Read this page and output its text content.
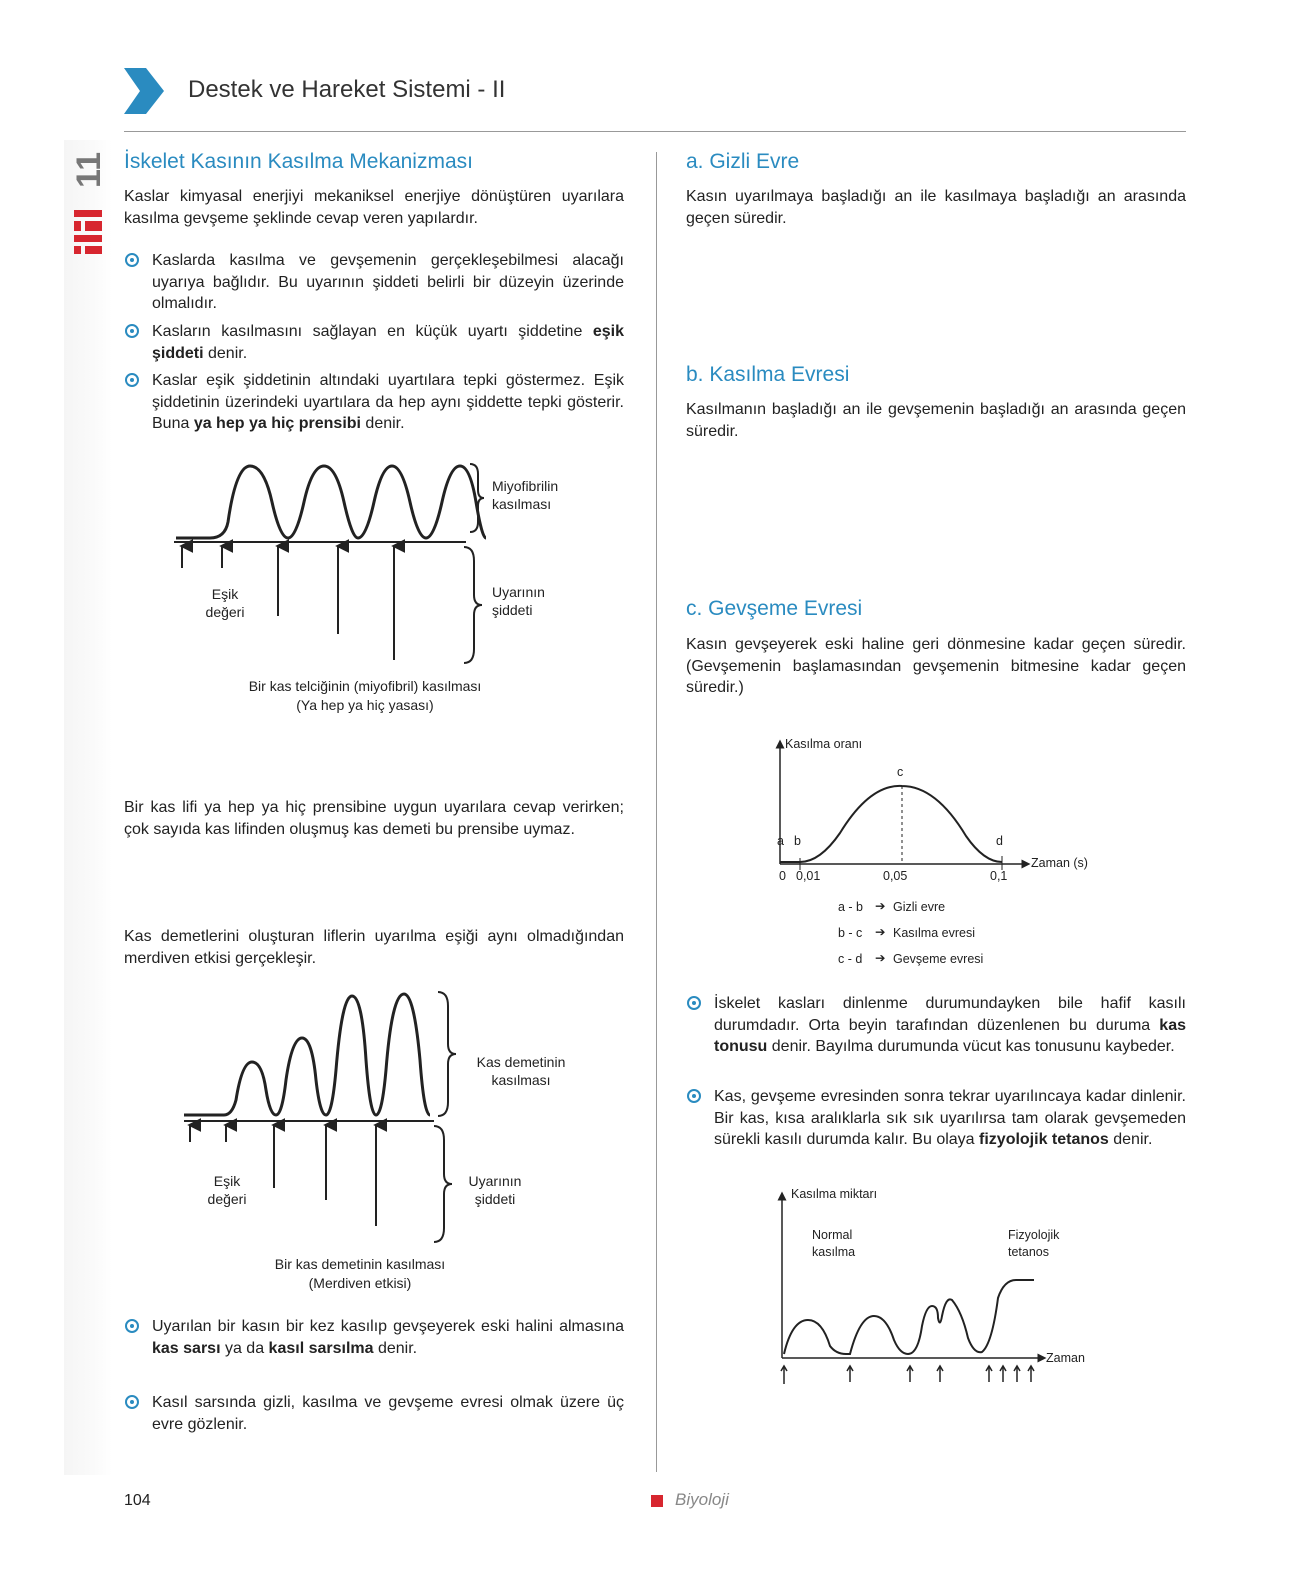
Destek ve Hareket Sistemi - II
11 İskelet Kasının Kasılma Mekanizması

Kaslar kimyasal enerjiyi mekaniksel enerjiye dönüştüren uyarılara kasılma gevşeme şeklinde cevap veren yapılardır.

Kaslarda kasılma ve gevşemenin gerçekleşebilmesi alacağı uyarıya bağlıdır. Bu uyarının şiddeti belirli bir düzeyin üzerinde olmalıdır.
Kasların kasılmasını sağlayan en küçük uyartı şiddetine eşik şiddeti denir.
Kaslar eşik şiddetinin altındaki uyartılara tepki göstermez. Eşik şiddetinin üzerindeki uyartılara da hep aynı şiddette tepki gösterir. Buna ya hep ya hiç prensibi denir.
Miyofibrilin kasılması
Uyarının şiddeti
Eşik değeri
Bir kas telciğinin (miyofibril) kasılması
(Ya hep ya hiç yasası)

Bir kas lifi ya hep ya hiç prensibine uygun uyarılara cevap verirken; çok sayıda kas lifinden oluşmuş kas demeti bu prensibe uymaz.

Kas demetlerini oluşturan liflerin uyarılma eşiği aynı olmadığından merdiven etkisi gerçekleşir.

Kas demetinin kasılması
Uyarının şiddeti
Eşik değeri
Bir kas demetinin kasılması
(Merdiven etkisi)
Uyarılan bir kasın bir kez kasılıp gevşeyerek eski halini almasına kas sarsı ya da kasıl sarsılma denir.
Kasıl sarsında gizli, kasılma ve gevşeme evresi olmak üzere üç evre gözlenir.
a. Gizli Evre

Kasın uyarılmaya başladığı an ile kasılmaya başladığı an arasında geçen süredir.

b. Kasılma Evresi

Kasılmanın başladığı an ile gevşemenin başladığı an arasında geçen süredir.

c. Gevşeme Evresi

Kasın gevşeyerek eski haline geri dönmesine kadar geçen süredir. (Gevşemenin başlamasından gevşemenin bitmesine kadar geçen süredir.)

Kasılma oranı
Zaman (s)
a b
c
d
0 0,01	0,05	0,1
a - b ➔ Gizli evre
b - c ➔ Kasılma evresi
c - d ➔ Gevşeme evresi
İskelet kasları dinlenme durumundayken bile hafif kasılı durumdadır. Orta beyin tarafından düzenlenen bu duruma kas tonusu denir. Bayılma durumunda vücut kas tonusunu kaybeder.
Kas, gevşeme evresinden sonra tekrar uyarılıncaya kadar dinlenir. Bir kas, kısa aralıklarla sık sık uyarılırsa tam olarak gevşemeden sürekli kasılı durumda kalır. Bu olaya fizyolojik tetanos denir.
Kasılma miktarı
Zaman
Normal kasılma
Fizyolojik tetanos
104	Biyoloji
